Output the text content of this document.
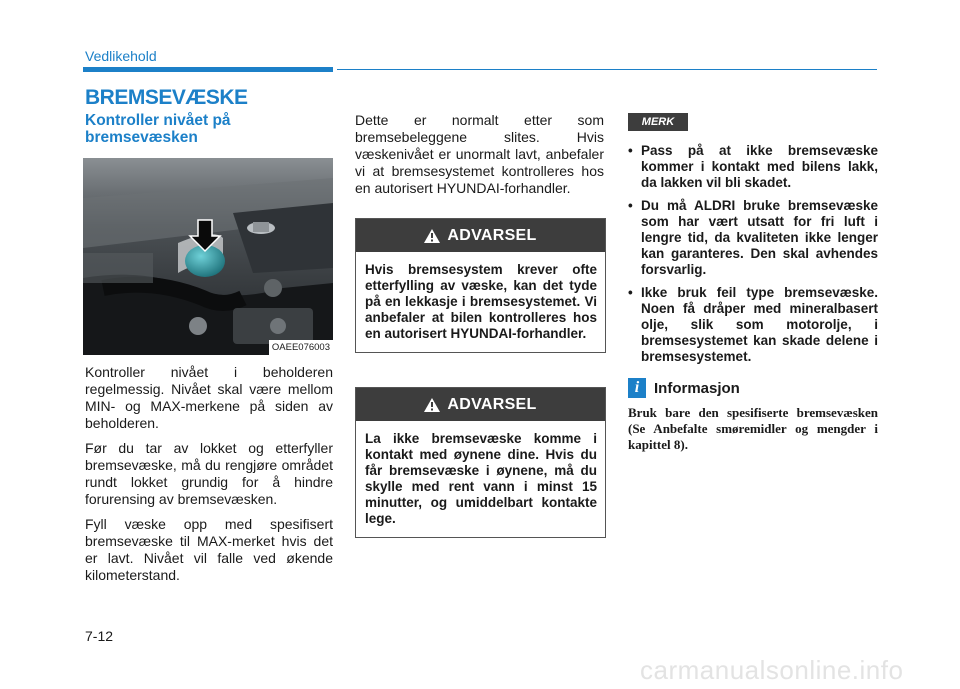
Vedlikehold
BREMSEVÆSKE
Kontroller nivået på bremsevæsken
OAEE076003

Kontroller nivået i beholderen regelmessig. Nivået skal være mellom MIN- og MAX-merkene på siden av beholderen.

Før du tar av lokket og etterfyller bremsevæske, må du rengjøre området rundt lokket grundig for å hindre forurensing av bremsevæsken.

Fyll væske opp med spesifisert bremsevæske til MAX-merket hvis det er lavt. Nivået vil falle ved økende kilometerstand.

Dette er normalt etter som bremsebeleggene slites. Hvis væskenivået er unormalt lavt, anbefaler vi at bremsesystemet kontrolleres hos en autorisert HYUNDAI-forhandler.

ADVARSEL
Hvis bremsesystem krever ofte etterfylling av væske, kan det tyde på en lekkasje i bremsesystemet. Vi anbefaler at bilen kontrolleres hos en autorisert HYUNDAI-forhandler.
ADVARSEL
La ikke bremsevæske komme i kontakt med øynene dine. Hvis du får bremsevæske i øynene, må du skylle med rent vann i minst 15 minutter, og umiddelbart kontakte lege.
MERK
• Pass på at ikke bremsevæske kommer i kontakt med bilens lakk, da lakken vil bli skadet.
• Du må ALDRI bruke bremsevæske som har vært utsatt for fri luft i lengre tid, da kvaliteten ikke lenger kan garanteres. Den skal avhendes forsvarlig.
• Ikke bruk feil type bremsevæske. Noen få dråper med mineralbasert olje, slik som motorolje, i bremsesystemet kan skade delene i bremsesystemet.
i Informasjon
Bruk bare den spesifiserte bremsevæsken (Se Anbefalte smøremidler og mengder i kapittel 8).
7-12
carmanualsonline.info
